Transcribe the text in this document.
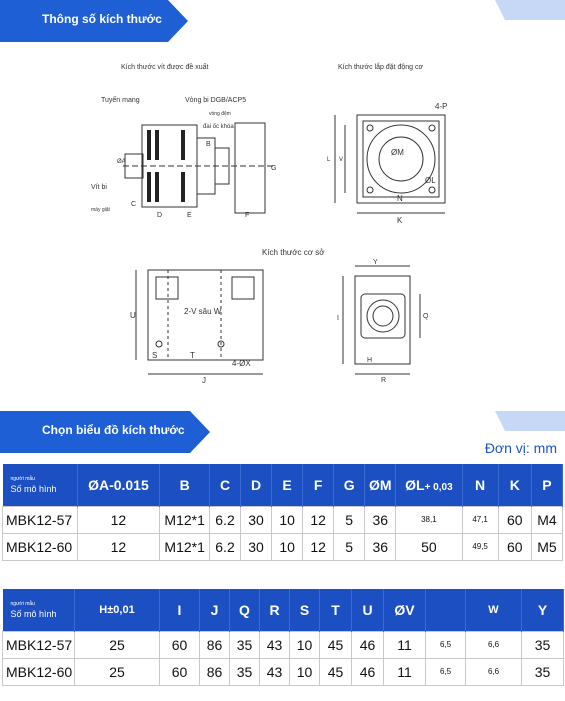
Thông số kích thước
Kích thước vít được đề xuất	Kích thước lắp đặt động cơ
Kích thước cơ sở
Tuyến mang	Vòng bi DGB/ACP5
vòng đệm
đai ốc khóa
Vít bi
máy giặt
ØA
B
C
D	E	F
G
4-P
ØM
ØL
N
K
L V
2-V sâu W
U
S	T
J
4-ØX
Y
I	Q
H
R
Chọn biểu đồ kích thước
Đơn vị: mm
người mẫu
Số mô hình	ØA-0.015	B	C	D	E	F	G	ØM	ØL+ 0,03	N	K	P
MBK12-57	12	M12*1	6.2	30	10	12	5	36	38,1	47,1	60	M4
MBK12-60	12	M12*1	6.2	30	10	12	5	36	50	49,5	60	M5
người mẫu
Số mô hình	H±0,01	I	J	Q	R	S	T	U	ØV		W	Y
MBK12-57	25	60	86	35	43	10	45	46	11	6,5	6,6	35
MBK12-60	25	60	86	35	43	10	45	46	11	6,5	6,6	35
